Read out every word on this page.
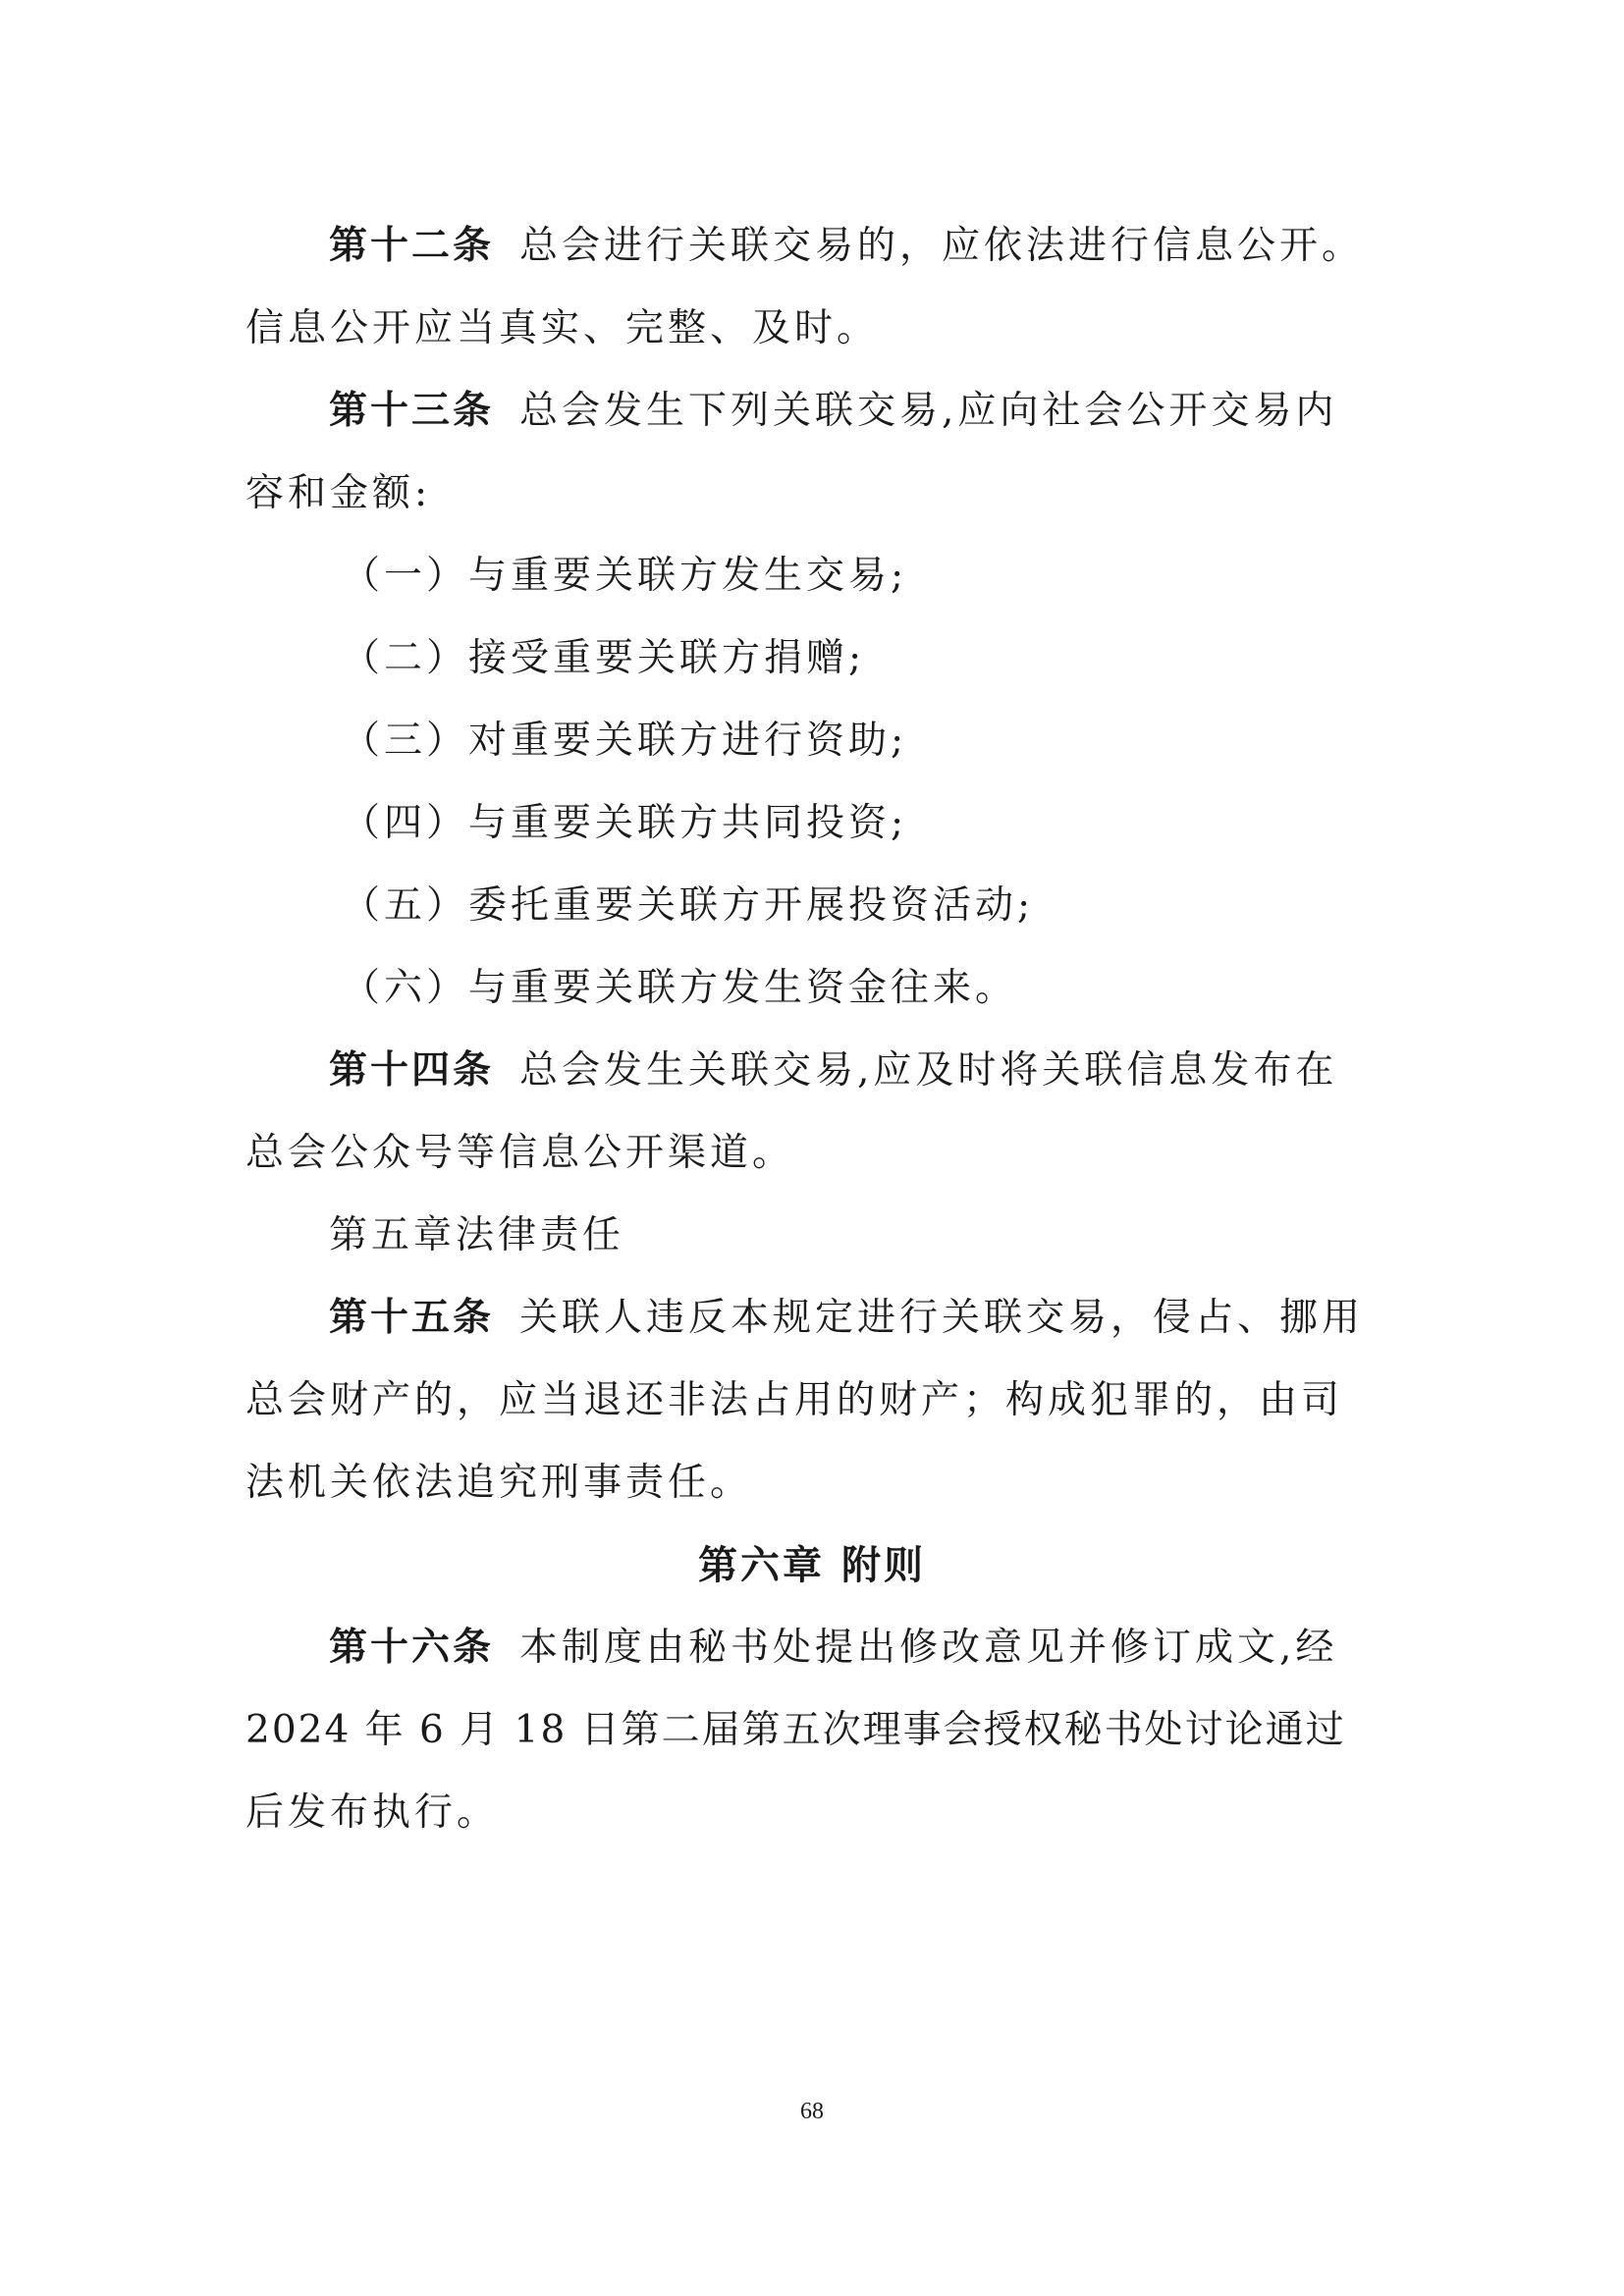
第十二条 总会进行关联交易的，应依法进行信息公开。
信息公开应当真实、完整、及时。
第十三条 总会发生下列关联交易,应向社会公开交易内
容和金额:
（一）与重要关联方发生交易;
（二）接受重要关联方捐赠;
（三）对重要关联方进行资助;
（四）与重要关联方共同投资;
（五）委托重要关联方开展投资活动;
（六）与重要关联方发生资金往来。
第十四条 总会发生关联交易,应及时将关联信息发布在
总会公众号等信息公开渠道。
第五章法律责任
第十五条 关联人违反本规定进行关联交易，侵占、挪用
总会财产的，应当退还非法占用的财产；构成犯罪的，由司
法机关依法追究刑事责任。
第六章 附则
第十六条 本制度由秘书处提出修改意见并修订成文,经
2024 年 6 月 18 日第二届第五次理事会授权秘书处讨论通过
后发布执行。
68
